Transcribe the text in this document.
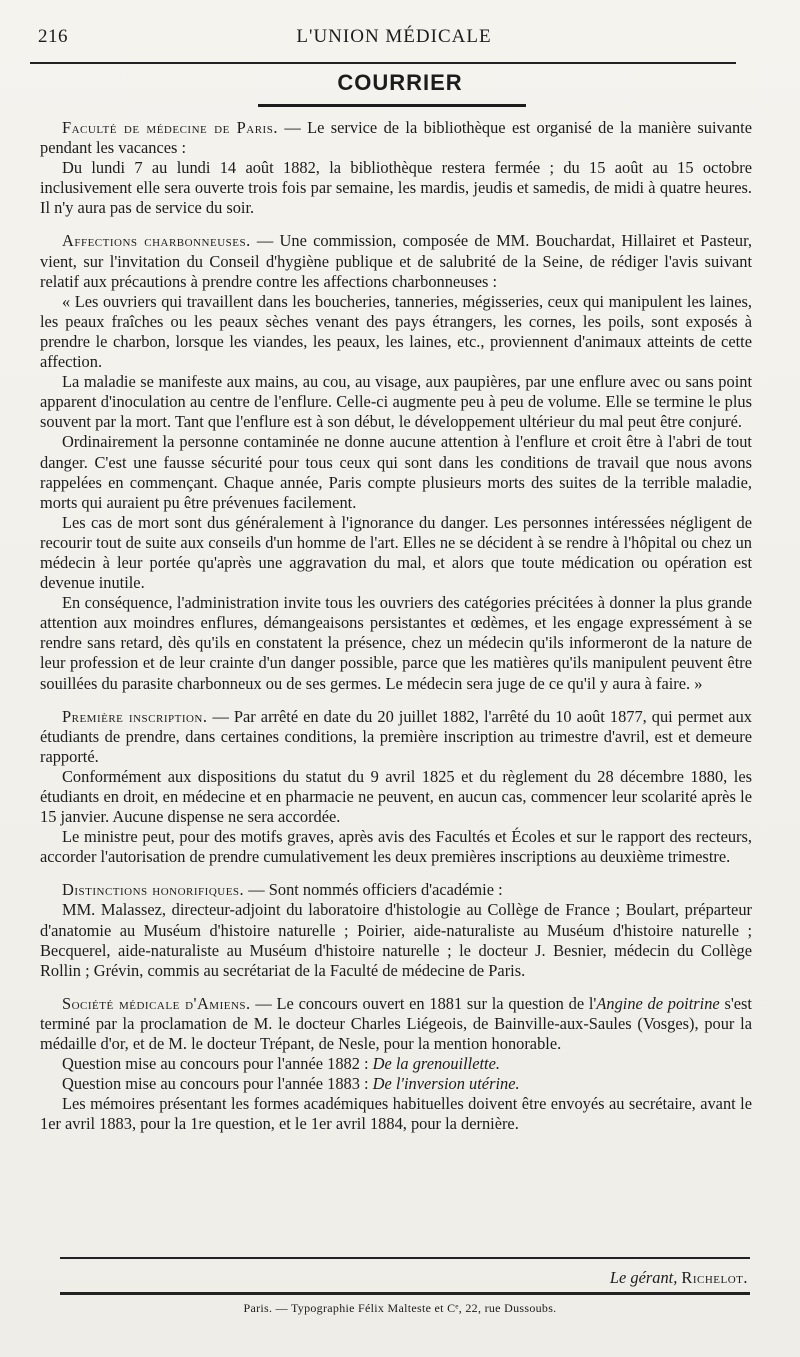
216	L'UNION MÉDICALE
COURRIER

Faculté de médecine de Paris. — Le service de la bibliothèque est organisé de la manière suivante pendant les vacances :

Du lundi 7 au lundi 14 août 1882, la bibliothèque restera fermée ; du 15 août au 15 octobre inclusivement elle sera ouverte trois fois par semaine, les mardis, jeudis et samedis, de midi à quatre heures. Il n'y aura pas de service du soir.

Affections charbonneuses. — Une commission, composée de MM. Bouchardat, Hillairet et Pasteur, vient, sur l'invitation du Conseil d'hygiène publique et de salubrité de la Seine, de rédiger l'avis suivant relatif aux précautions à prendre contre les affections charbonneuses :

« Les ouvriers qui travaillent dans les boucheries, tanneries, mégisseries, ceux qui manipulent les laines, les peaux fraîches ou les peaux sèches venant des pays étrangers, les cornes, les poils, sont exposés à prendre le charbon, lorsque les viandes, les peaux, les laines, etc., proviennent d'animaux atteints de cette affection.

La maladie se manifeste aux mains, au cou, au visage, aux paupières, par une enflure avec ou sans point apparent d'inoculation au centre de l'enflure. Celle-ci augmente peu à peu de volume. Elle se termine le plus souvent par la mort. Tant que l'enflure est à son début, le développement ultérieur du mal peut être conjuré.

Ordinairement la personne contaminée ne donne aucune attention à l'enflure et croit être à l'abri de tout danger. C'est une fausse sécurité pour tous ceux qui sont dans les conditions de travail que nous avons rappelées en commençant. Chaque année, Paris compte plusieurs morts des suites de la terrible maladie, morts qui auraient pu être prévenues facilement.

Les cas de mort sont dus généralement à l'ignorance du danger. Les personnes intéressées négligent de recourir tout de suite aux conseils d'un homme de l'art. Elles ne se décident à se rendre à l'hôpital ou chez un médecin à leur portée qu'après une aggravation du mal, et alors que toute médication ou opération est devenue inutile.

En conséquence, l'administration invite tous les ouvriers des catégories précitées à donner la plus grande attention aux moindres enflures, démangeaisons persistantes et œdèmes, et les engage expressément à se rendre sans retard, dès qu'ils en constatent la présence, chez un médecin qu'ils informeront de la nature de leur profession et de leur crainte d'un danger possible, parce que les matières qu'ils manipulent peuvent être souillées du parasite charbonneux ou de ses germes. Le médecin sera juge de ce qu'il y aura à faire. »

Première inscription. — Par arrêté en date du 20 juillet 1882, l'arrêté du 10 août 1877, qui permet aux étudiants de prendre, dans certaines conditions, la première inscription au trimestre d'avril, est et demeure rapporté.

Conformément aux dispositions du statut du 9 avril 1825 et du règlement du 28 décembre 1880, les étudiants en droit, en médecine et en pharmacie ne peuvent, en aucun cas, commencer leur scolarité après le 15 janvier. Aucune dispense ne sera accordée.

Le ministre peut, pour des motifs graves, après avis des Facultés et Écoles et sur le rapport des recteurs, accorder l'autorisation de prendre cumulativement les deux premières inscriptions au deuxième trimestre.

Distinctions honorifiques. — Sont nommés officiers d'académie :

MM. Malassez, directeur-adjoint du laboratoire d'histologie au Collège de France ; Boulart, préparteur d'anatomie au Muséum d'histoire naturelle ; Poirier, aide-naturaliste au Muséum d'histoire naturelle ; Becquerel, aide-naturaliste au Muséum d'histoire naturelle ; le docteur J. Besnier, médecin du Collège Rollin ; Grévin, commis au secrétariat de la Faculté de médecine de Paris.

Société médicale d'Amiens. — Le concours ouvert en 1881 sur la question de l'Angine de poitrine s'est terminé par la proclamation de M. le docteur Charles Liégeois, de Bainville-aux-Saules (Vosges), pour la médaille d'or, et de M. le docteur Trépant, de Nesle, pour la mention honorable.

Question mise au concours pour l'année 1882 : De la grenouillette.

Question mise au concours pour l'année 1883 : De l'inversion utérine.

Les mémoires présentant les formes académiques habituelles doivent être envoyés au secrétaire, avant le 1er avril 1883, pour la 1re question, et le 1er avril 1884, pour la dernière.

Le gérant, Richelot.
Paris. — Typographie Félix Malteste et Cᵉ, 22, rue Dussoubs.
